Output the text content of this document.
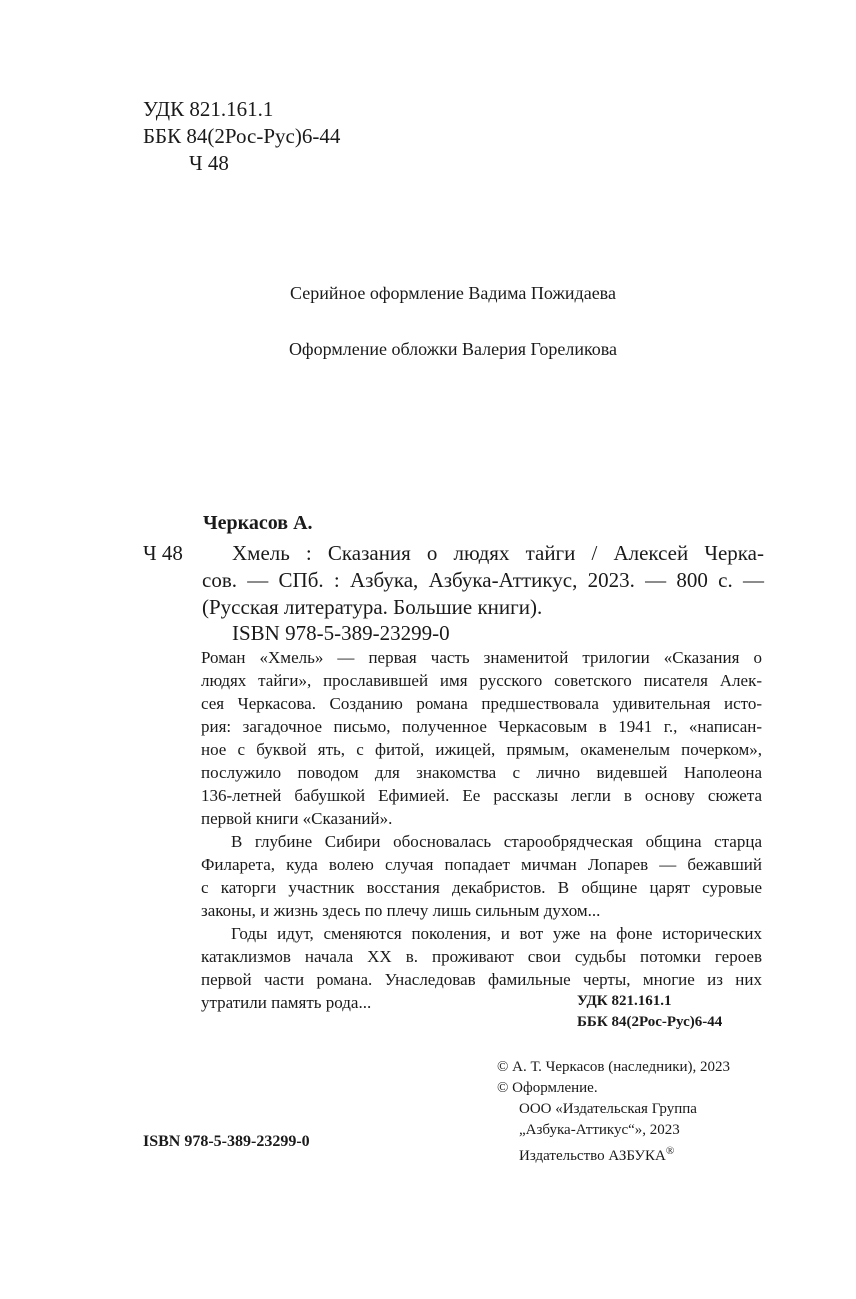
УДК 821.161.1
ББК 84(2Рос-Рус)6-44
Ч 48
Серийное оформление Вадима Пожидаева
Оформление обложки Валерия Гореликова
Черкасов А.
Ч 48 Хмель : Сказания о людях тайги / Алексей Черка-
сов. — СПб. : Азбука, Азбука-Аттикус, 2023. — 800 с. —
(Русская литература. Большие книги).
ISBN 978-5-389-23299-0
Роман «Хмель» — первая часть знаменитой трилогии «Сказания о
людях тайги», прославившей имя русского советского писателя Алек-
сея Черкасова. Созданию романа предшествовала удивительная исто-
рия: загадочное письмо, полученное Черкасовым в 1941 г., «написан-
ное с буквой ять, с фитой, ижицей, прямым, окаменелым почерком»,
послужило поводом для знакомства с лично видевшей Наполеона
136-летней бабушкой Ефимией. Ее рассказы легли в основу сюжета
первой книги «Сказаний».
В глубине Сибири обосновалась старообрядческая община старца
Филарета, куда волею случая попадает мичман Лопарев — бежавший
с каторги участник восстания декабристов. В общине царят суровые
законы, и жизнь здесь по плечу лишь сильным духом...
Годы идут, сменяются поколения, и вот уже на фоне исторических
катаклизмов начала XX в. проживают свои судьбы потомки героев
первой части романа. Унаследовав фамильные черты, многие из них
утратили память рода...	УДК 821.161.1
ББК 84(2Рос-Рус)6-44
© А. Т. Черкасов (наследники), 2023
© Оформление.
ООО «Издательская Группа
„Азбука-Аттикус“», 2023
Издательство АЗБУКА®
ISBN 978-5-389-23299-0
